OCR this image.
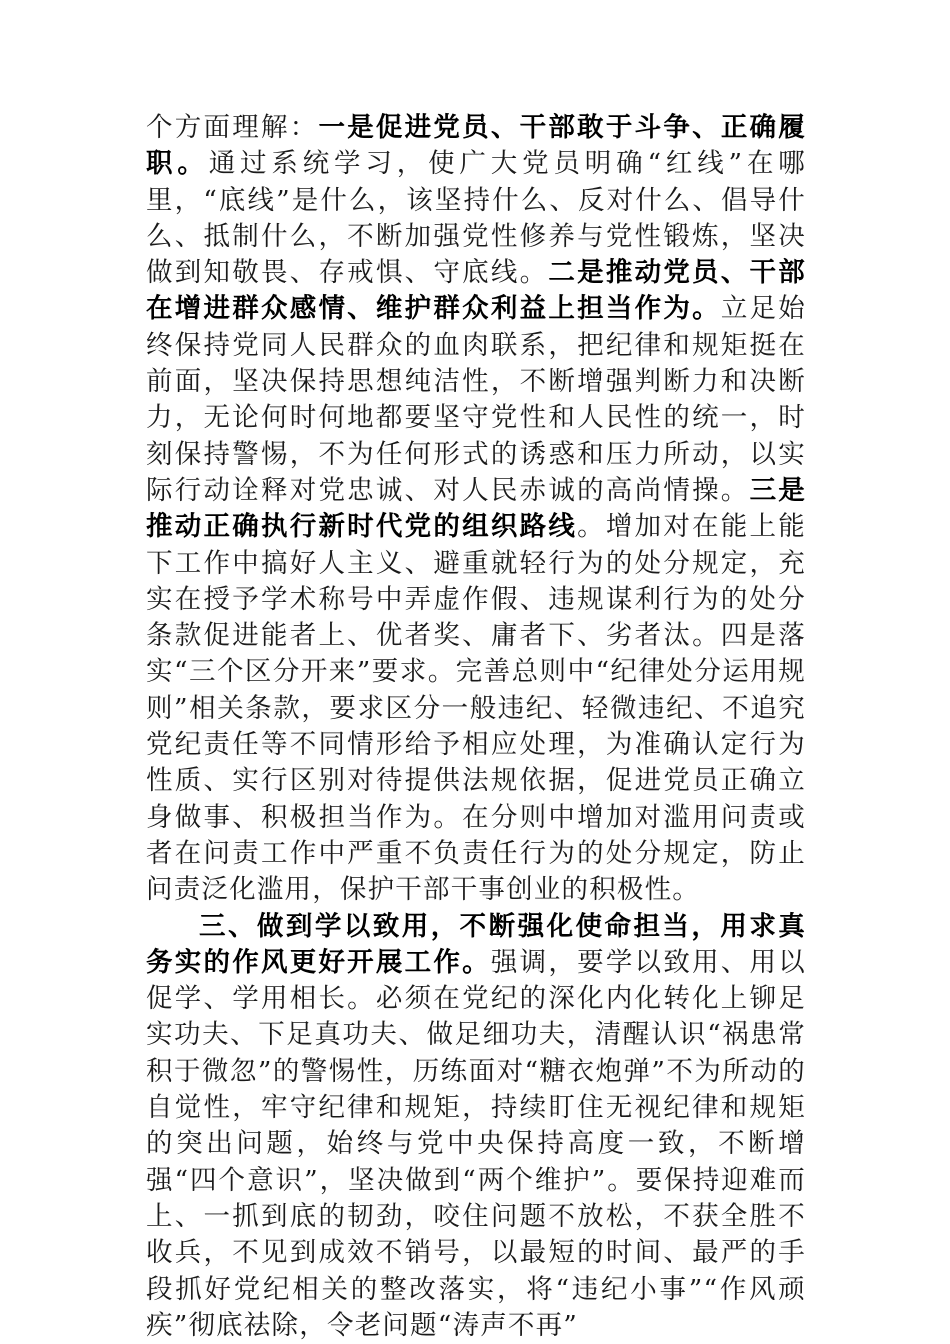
个方面理解：一是促进党员、干部敢于斗争、正确履职。通过系统学习，使广大党员明确“红线”在哪里，“底线”是什么，该坚持什么、反对什么、倡导什么、抵制什么，不断加强党性修养与党性锻炼，坚决做到知敬畏、存戒惧、守底线。二是推动党员、干部在增进群众感情、维护群众利益上担当作为。立足始终保持党同人民群众的血肉联系，把纪律和规矩挺在前面，坚决保持思想纯洁性，不断增强判断力和决断力，无论何时何地都要坚守党性和人民性的统一，时刻保持警惕，不为任何形式的诱惑和压力所动，以实际行动诠释对党忠诚、对人民赤诚的高尚情操。三是推动正确执行新时代党的组织路线。增加对在能上能下工作中搞好人主义、避重就轻行为的处分规定，充实在授予学术称号中弄虚作假、违规谋利行为的处分条款促进能者上、优者奖、庸者下、劣者汰。四是落实“三个区分开来”要求。完善总则中“纪律处分运用规则”相关条款，要求区分一般违纪、轻微违纪、不追究党纪责任等不同情形给予相应处理，为准确认定行为性质、实行区别对待提供法规依据，促进党员正确立身做事、积极担当作为。在分则中增加对滥用问责或者在问责工作中严重不负责任行为的处分规定，防止问责泛化滥用，保护干部干事创业的积极性。

三、做到学以致用，不断强化使命担当，用求真务实的作风更好开展工作。强调，要学以致用、用以促学、学用相长。必须在党纪的深化内化转化上铆足实功夫、下足真功夫、做足细功夫，清醒认识“祸患常积于微忽”的警惕性，历练面对“糖衣炮弹”不为所动的自觉性，牢守纪律和规矩，持续盯住无视纪律和规矩的突出问题，始终与党中央保持高度一致，不断增强“四个意识”，坚决做到“两个维护”。要保持迎难而上、一抓到底的韧劲，咬住问题不放松，不获全胜不收兵，不见到成效不销号，以最短的时间、最严的手段抓好党纪相关的整改落实，将“违纪小事”“作风顽疾”彻底祛除，令老问题“涛声不再”
